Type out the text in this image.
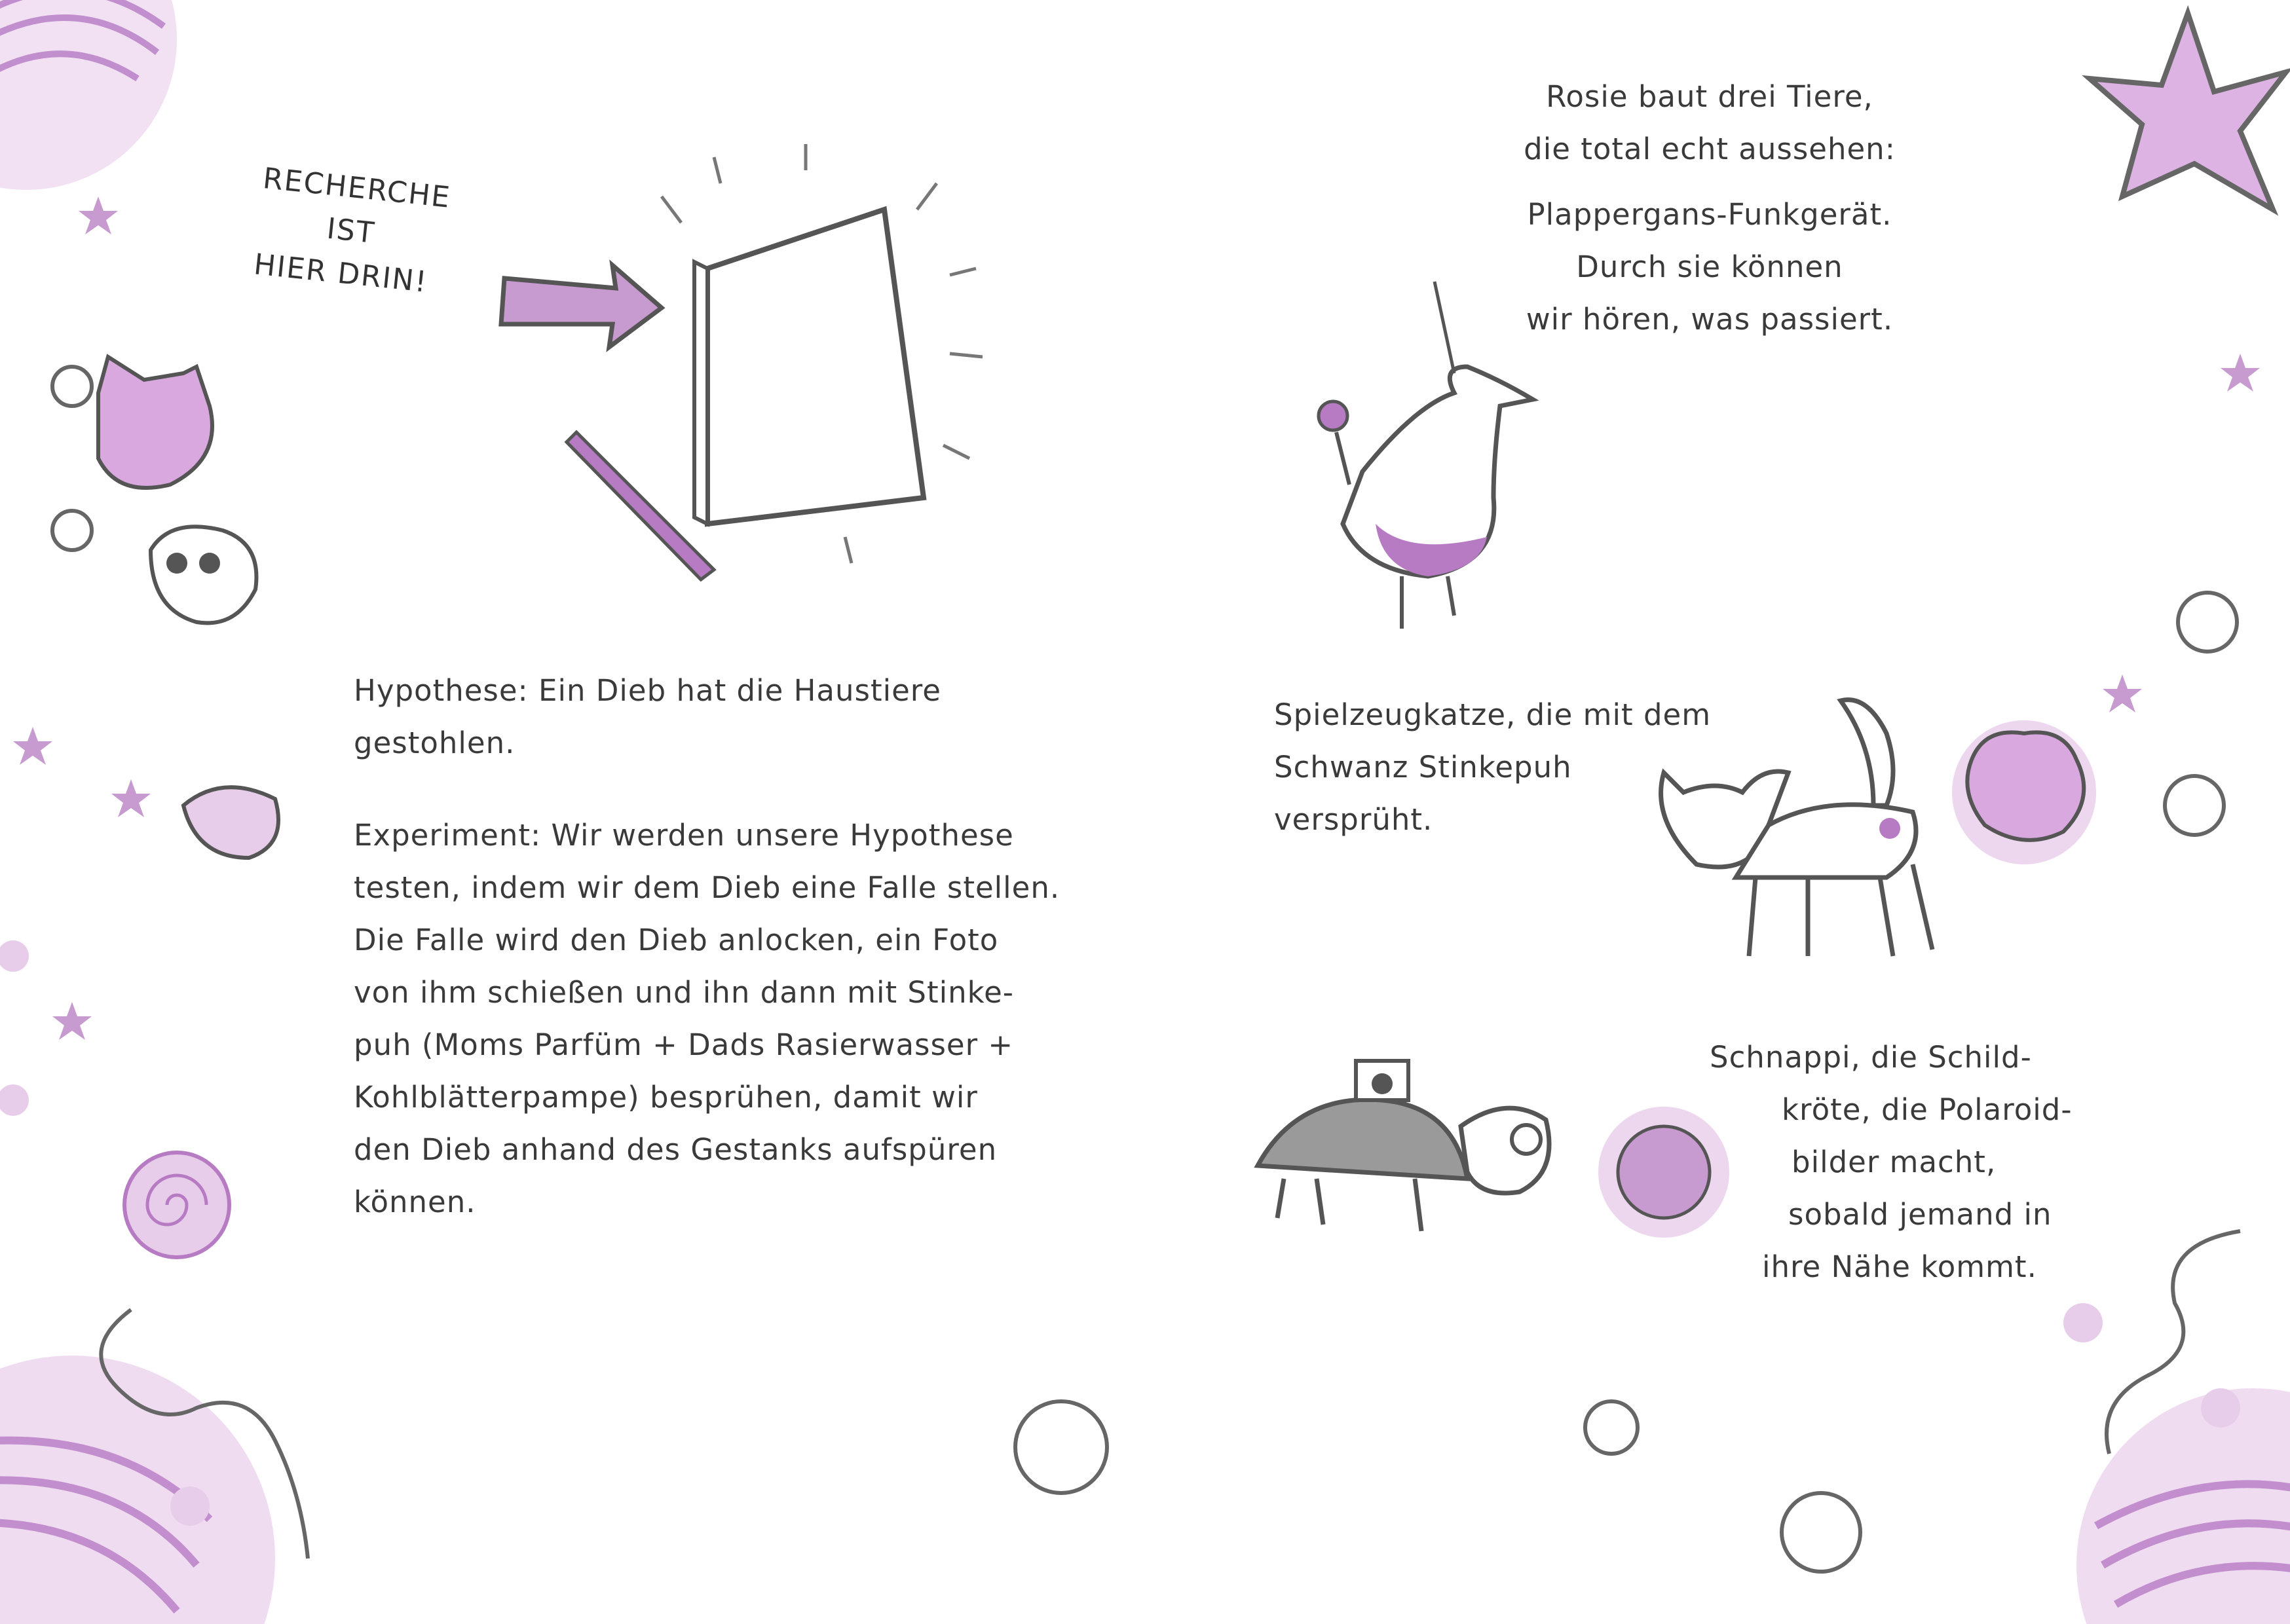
RECHERCHE
IST
HIER DRIN!

Hypothese: Ein Dieb hat die Haustiere

gestohlen.

Experiment: Wir werden unsere Hypothese

testen, indem wir dem Dieb eine Falle stellen.

Die Falle wird den Dieb anlocken, ein Foto

von ihm schießen und ihn dann mit Stinke-

puh (Moms Parfüm + Dads Rasierwasser +

Kohlblätterpampe) besprühen, damit wir

den Dieb anhand des Gestanks aufspüren

können.

Rosie baut drei Tiere,

die total echt aussehen:

Plappergans-Funkgerät.

Durch sie können

wir hören, was passiert.

Spielzeugkatze, die mit dem

Schwanz Stinkepuh

versprüht.

Schnappi, die Schild-

kröte, die Polaroid-

bilder macht,

sobald jemand in

ihre Nähe kommt.
